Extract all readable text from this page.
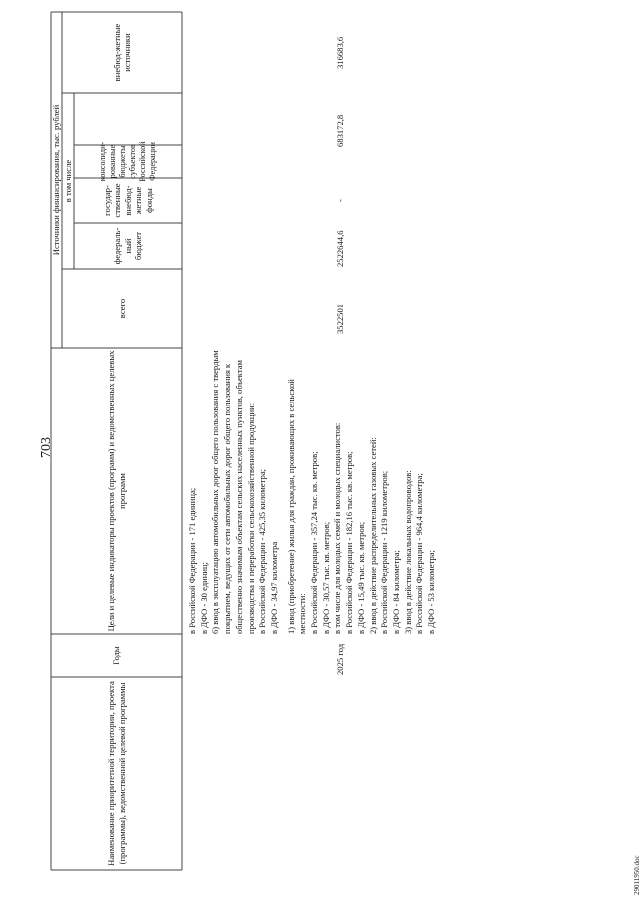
703
Наименование приоритетной территории, проекта (программы), ведомственной целевой программы
Годы
Цели и целевые индикаторы проектов (программ) и ведомственных целевых программ
Источники финансирования, тыс. рублей
всего
в том числе
федераль-ный бюджет
государ-ственные внебюд-жетные фонды
консолиди-рованные бюджеты субъектов Российской Федерации
внебюд-жетные источники
в Российской Федерации - 171 единица; в ДФО - 30 единиц; 6) ввод в эксплуатацию автомобильных дорог общего пользования с твердым покрытием, ведущих от сети автомобильных дорог общего пользования к общественно значимым объектам сельских населенных пунктов, объектам производства и переработки сельскохозяйственной продукции: в Российской Федерации - 425,35 километра; в ДФО - 34,97 километра 1) ввод (приобретение) жилья для граждан, проживающих в сельской местности: в Российской Федерации - 357,24 тыс. кв. метров; в ДФО - 30,57 тыс. кв. метров; в том числе для молодых семей и молодых специалистов: в Российской Федерации - 182,16 тыс. кв. метров; в ДФО - 15,49 тыс. кв. метров; 2) ввод в действие распределительных газовых сетей: в Российской Федерации - 1219 километров; в ДФО - 84 километра; 3) ввод в действие локальных водопроводов: в Российской Федерации - 964,4 километра; в ДФО - 53 километра;
2025 год
3522501
2522644,6
-
683172,8
316683,6
29011950.doc
